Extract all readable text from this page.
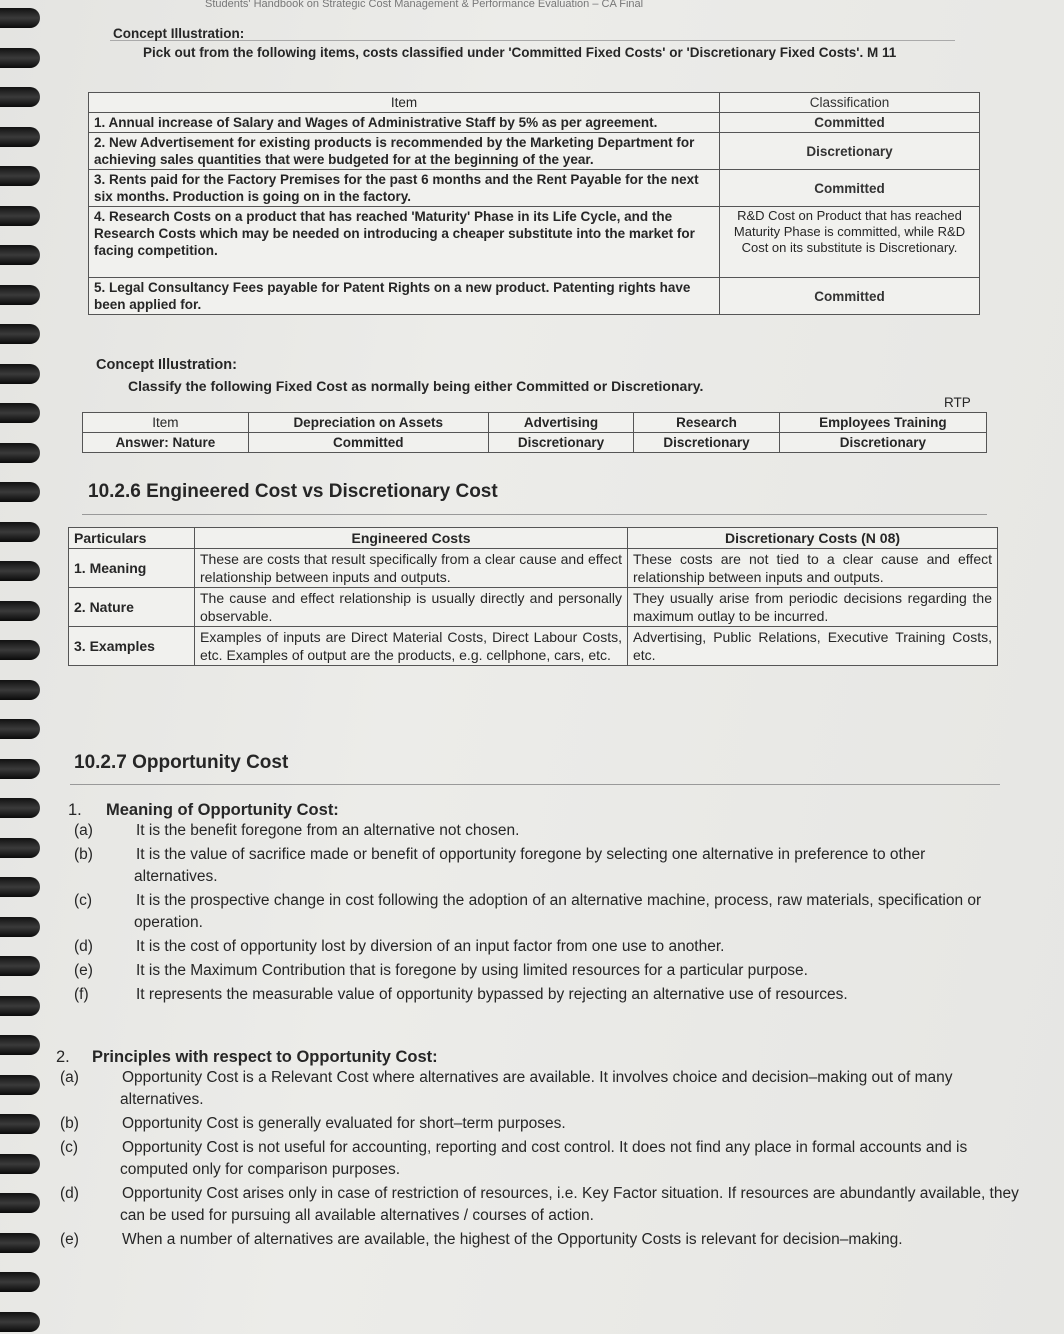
Students' Handbook on Strategic Cost Management & Performance Evaluation – CA Final
Concept Illustration:
Pick out from the following items, costs classified under 'Committed Fixed Costs' or 'Discretionary Fixed Costs'. M 11
Item	Classification
1. Annual increase of Salary and Wages of Administrative Staff by 5% as per agreement.	Committed
2. New Advertisement for existing products is recommended by the Marketing Department for achieving sales quantities that were budgeted for at the beginning of the year.	Discretionary
3. Rents paid for the Factory Premises for the past 6 months and the Rent Payable for the next six months. Production is going on in the factory.	Committed
4. Research Costs on a product that has reached 'Maturity' Phase in its Life Cycle, and the Research Costs which may be needed on introducing a cheaper substitute into the market for facing competition.	R&D Cost on Product that has reached Maturity Phase is committed, while R&D Cost on its substitute is Discretionary.
5. Legal Consultancy Fees payable for Patent Rights on a new product. Patenting rights have been applied for.	Committed
Concept Illustration:
Classify the following Fixed Cost as normally being either Committed or Discretionary.
RTP
Item	Depreciation on Assets	Advertising	Research	Employees Training
Answer: Nature	Committed	Discretionary	Discretionary	Discretionary
10.2.6 Engineered Cost vs Discretionary Cost
Particulars	Engineered Costs	Discretionary Costs (N 08)
1. Meaning	These are costs that result specifically from a clear cause and effect relationship between inputs and outputs.	These costs are not tied to a clear cause and effect relationship between inputs and outputs.
2. Nature	The cause and effect relationship is usually directly and personally observable.	They usually arise from periodic decisions regarding the maximum outlay to be incurred.
3. Examples	Examples of inputs are Direct Material Costs, Direct Labour Costs, etc. Examples of output are the products, e.g. cellphone, cars, etc.	Advertising, Public Relations, Executive Training Costs, etc.
10.2.7 Opportunity Cost

1. Meaning of Opportunity Cost:

(a)	It is the benefit foregone from an alternative not chosen.

(b)	It is the value of sacrifice made or benefit of opportunity foregone by selecting one alternative in preference to other alternatives.

(c)	It is the prospective change in cost following the adoption of an alternative machine, process, raw materials, specification or operation.

(d)	It is the cost of opportunity lost by diversion of an input factor from one use to another.

(e)	It is the Maximum Contribution that is foregone by using limited resources for a particular purpose.

(f)	It represents the measurable value of opportunity bypassed by rejecting an alternative use of resources.

2. Principles with respect to Opportunity Cost:

(a)	Opportunity Cost is a Relevant Cost where alternatives are available. It involves choice and decision–making out of many alternatives.

(b)	Opportunity Cost is generally evaluated for short–term purposes.

(c)	Opportunity Cost is not useful for accounting, reporting and cost control. It does not find any place in formal accounts and is computed only for comparison purposes.

(d)	Opportunity Cost arises only in case of restriction of resources, i.e. Key Factor situation. If resources are abundantly available, they can be used for pursuing all available alternatives / courses of action.

(e)	When a number of alternatives are available, the highest of the Opportunity Costs is relevant for decision–making.
